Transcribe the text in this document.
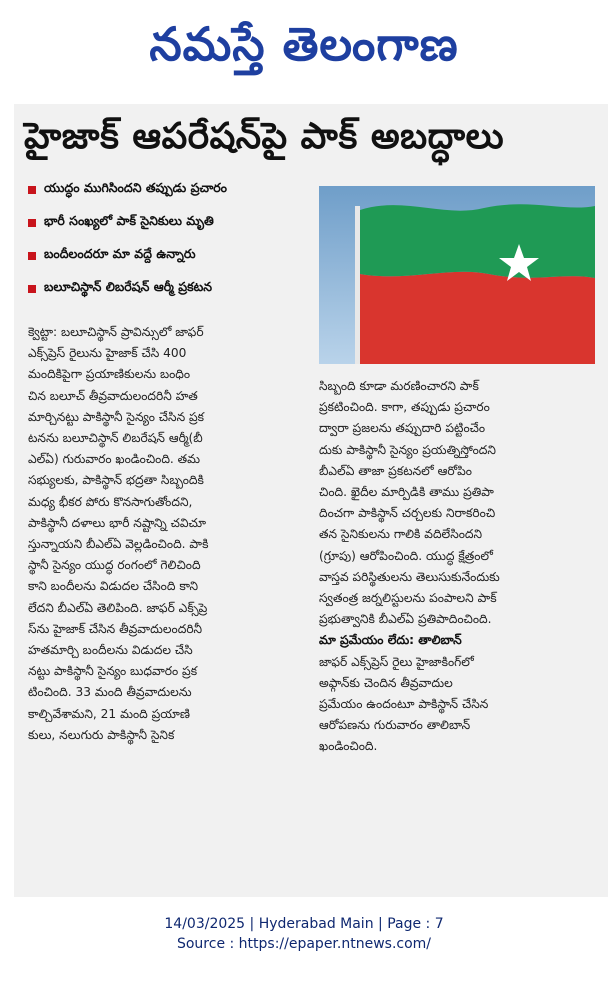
నమస్తే తెలంగాణ
హైజాక్ ఆపరేషన్‌పై పాక్ అబద్ధాలు
యుద్ధం ముగిసిందని తప్పుడు ప్రచారం
భారీ సంఖ్యలో పాక్ సైనికులు మృతి
బందీలందరూ మా వద్దే ఉన్నారు
బలూచిస్థాన్ లిబరేషన్ ఆర్మీ ప్రకటన
క్వెట్టా: బలూచిస్థాన్ ప్రావిన్సులో జాఫర్
ఎక్స్‌ప్రెస్ రైలును హైజాక్ చేసి 400
మందికిపైగా ప్రయాణికులను బంధిం
చిన బలూచ్ తీవ్రవాదులందరినీ హత
మార్చినట్టు పాకిస్థానీ సైన్యం చేసిన ప్రక
టనను బలూచిస్థాన్ లిబరేషన్ ఆర్మీ(బీ
ఎల్‌ఏ) గురువారం ఖండించింది. తమ
సభ్యులకు, పాకిస్థాన్ భద్రతా సిబ్బందికి
మధ్య భీకర పోరు కొనసాగుతోందని,
పాకిస్థానీ దళాలు భారీ నష్టాన్ని చవిచూ
స్తున్నాయని బీఎల్‌ఏ వెల్లడించింది. పాకి
స్థానీ సైన్యం యుద్ధ రంగంలో గెలిచింది
కాని బందీలను విడుదల చేసింది కాని
లేదని బీఎల్‌ఏ తెలిపింది. జాఫర్ ఎక్స్‌ప్రె
స్‌ను హైజాక్ చేసిన తీవ్రవాదులందరినీ
హతమార్చి బందీలను విడుదల చేసి
నట్టు పాకిస్థానీ సైన్యం బుధవారం ప్రక
టించింది. 33 మంది తీవ్రవాదులను
కాల్చివేశామని, 21 మంది ప్రయాణి
కులు, నలుగురు పాకిస్థానీ సైనిక
సిబ్బంది కూడా మరణించారని పాక్
ప్రకటించింది. కాగా, తప్పుడు ప్రచారం
ద్వారా ప్రజలను తప్పుదారి పట్టించేం
దుకు పాకిస్థానీ సైన్యం ప్రయత్నిస్తోందని
బీఎల్‌ఏ తాజా ప్రకటనలో ఆరోపిం
చింది. ఖైదీల మార్పిడికి తాము ప్రతిపా
దించగా పాకిస్థాన్ చర్చలకు నిరాకరించి
తన సైనికులను గాలికి వదిలేసిందని
(గ్రూపు) ఆరోపించింది. యుద్ధ క్షేత్రంలో
వాస్తవ పరిస్థితులను తెలుసుకునేందుకు
స్వతంత్ర జర్నలిస్టులను పంపాలని పాక్
ప్రభుత్వానికి బీఎల్‌ఏ ప్రతిపాదించింది.
మా ప్రమేయం లేదు: తాలిబాన్
జాఫర్ ఎక్స్‌ప్రెస్ రైలు హైజాకింగ్‌లో
అఫ్గాన్‌కు చెందిన తీవ్రవాదుల
ప్రమేయం ఉందంటూ పాకిస్థాన్ చేసిన
ఆరోపణను గురువారం తాలిబాన్
ఖండించింది.
14/03/2025 | Hyderabad Main | Page : 7
Source : https://epaper.ntnews.com/
